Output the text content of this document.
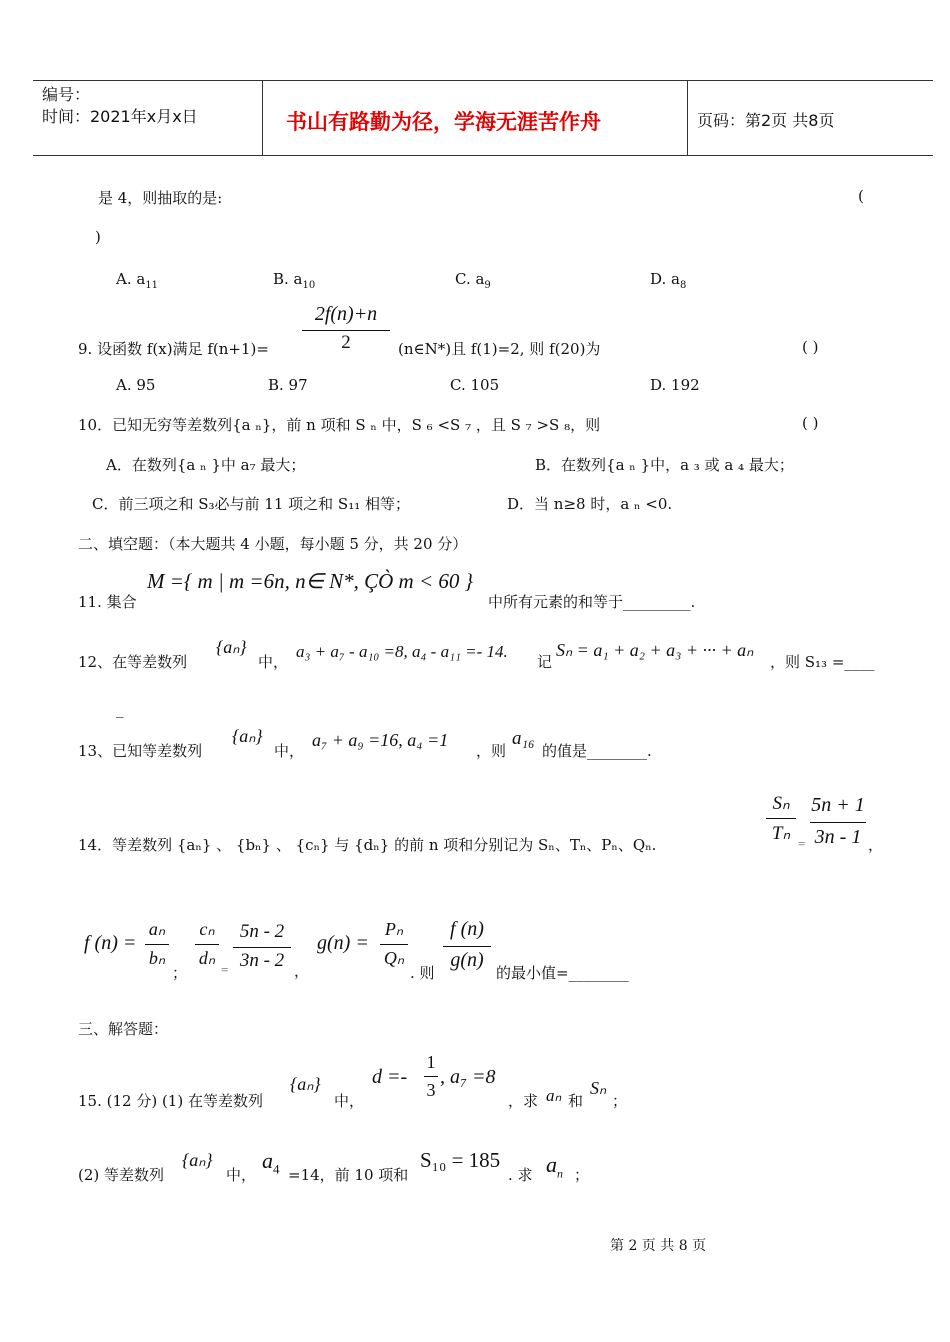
编号：
时间：2021年x月x日	书山有路勤为径，学海无涯苦作舟	页码：第2页 共8页
是 4，则抽取的是:	(
)
A. $a_{11}$	B. $a_{10}$	C. $a_9$	D. $a_8$
9. 设函数 f(x)满足 f(n+1)=
2f(n)+n
2	(n∈N*)且 f(1)=2, 则 f(20)为	( )
A. 95	B. 97	C. 105	D. 192
10．已知无穷等差数列{a ₙ}，前 n 项和 S ₙ 中，S ₆ <S ₇ ，且 S ₇ >S ₈，则	( )
A．在数列{a ₙ }中 a₇ 最大；	B．在数列{a ₙ }中，a ₃ 或 a ₄ 最大；
C．前三项之和 S₃必与前 11 项之和 S₁₁ 相等；	D．当 n≥8 时，a ₙ <0.
二、填空题：（本大题共 4 小题，每小题 5 分，共 20 分）
11. 集合
M ={ m | m =6n, n∈ N*, ÇÒ m < 60 }
中所有元素的和等于_________.
12、在等差数列
{aₙ}
中，
a₃ + a₇ - a₁₀ =8, a₄ - a₁₁ =- 14.
记
Sₙ = a₁ + a₂ + a₃ + ··· + aₙ
，则 S₁₃ =____
_
13、已知等差数列
{aₙ}
中，
a₇ + a₉ =16, a₄ =1
，则
a₁₆
的值是________.
14．等差数列 {aₙ} 、 {bₙ} 、 {cₙ} 与 {dₙ} 的前 n 项和分别记为 Sₙ、Tₙ、Pₙ、Qₙ.
Sₙ
Tₙ =
5n + 1
3n - 1 ，
f (n) =
aₙ
bₙ
；
cₙ
dₙ
=
5n - 2
3n - 2 ，
g(n) =
Pₙ
Qₙ
. 则
f (n)
g(n)
的最小值=________
三、解答题：
15. (12 分) (1) 在等差数列
{aₙ}
中，
d =-
1
3
, a₇ =8
，求 aₙ 和
Sₙ
；
(2) 等差数列
{aₙ}
中，
$a_4 =14$，前 10 项和
S₁₀ = 185
. 求 $a_n$ ；
第 2 页 共 8 页
